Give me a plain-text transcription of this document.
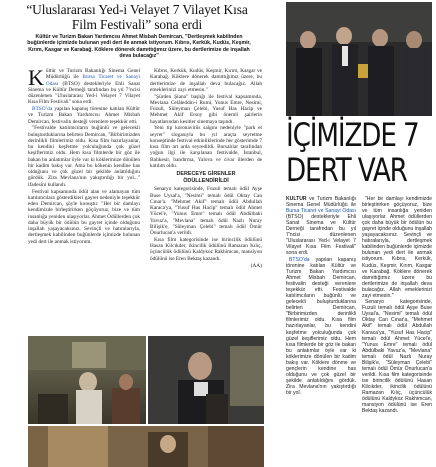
“Uluslararası Yed-i Velayet 7 Vilayet Kısa Film Festivali” sona erdi
Kültür ve Turizm Bakan Yardımcısı Ahmet Misbah Demircan, "Dertleşmek kabilinden buğünlerde içimizde bulunan yedi dert ile anmak istiyorum. Kıbrıs, Kerkük, Kudüs, Keşmir, Kırım, Kasgar ve Karabağ. Köklere dönerek damıttığımız üzere, bu dertlerimize de inşallah deva bulacağız"

Kültür ve Turizm Bakanlığı Sinema Genel Müdürlüğü ile Bursa Ticaret ve Sanayi Odası (BTSO) destekleriyle Ehli Sanat Sinema ve Kültür Derneği tarafından bu yıl 7’ncisi düzenlenen "Uluslararası Yed-i Velayet 7 Vilayet Kısa Film Festivali" sona erdi.

BTSO’da yapılan kapanış törenine katılan Kültür ve Turizm Bakan Yardımcısı Ahmet Misbah Demircan, festivalin desteği verenlere teşekkür etti.

"Festivalde katılımcıların buğünlü ve gelecekli buluşturduklarına belirten Demircan, "Birbirimizden derinlikli filmlerimiz oldu. Kısa film hazırlayanlar, bu kendini keşfetme yolculuğunda çok güzel keşiflerimiz oldu. Hem kısa filmlerde bir göz ile bakan bu anlatımlar öyle var ki köklerimize dönülen bir kadim bakış var. Ama bu kökenin kendine has olduğunu ve çok güzel bir şekilde anlatıldığını gördük. Zira Mevlana'nın yakıştırdığı bir yol..." ifadesini kullandı.

Festival kapsamında ödül alan ve alamayan tüm katılımcılara gösterdikleri gayret nedeniyle teşekkür eden Demircan, şöyle konuştu: "Her bir damlayı kendimizde birleştirirken göçüyoruz, bize ve tüm insanlığa yeniden ulaşıyorlar. Ahmet Ödüllerden çok daha büyük bir ödülün bu gayret içinde olduğunu inşallah yaşayacaksınız. Sevinçli ve hatıralarıyla, dertleşmek kabilinden buğünlerde içimizde bulunan yedi dert ile anmak istiyorum.

Kıbrıs, Kerkük, Kudüs, Keşmir, Kırım, Kasgar ve Karabağ. Köklere dönerek damıttığımız üzere, bu dertlerimize de inşallah deva bulacağız. Allah emeklerinizi zayi etmesin."

"Şürden Şiana" başlığı ile festival kapsamında, Mevlana Celâleddin-i Rumi, Yunus Emre, Nesimi, Fuzuli, Süleyman Çelebi, Yusuf Has Hacip ve Mehmet Akif Ersoy gibi önemli şairlerin hayatlarından kesitler sinemaya taşındı.

Yeni tip koronavirüs salgını nedeniyle "park et seyret" sloganıyla bu yıl araçta seyretme konseptinde festival etkinliklerinde her gösterimde 7 kısa film art arda seyredildi. Bursalılar tarafından yoğun ilgi ile karşılanan festivalde, İstanbul, Balıkesir, bandırma, Yalova ve civar illerden de katılım oldu.

DERECEYE GİRENLER
ÖDÜLLENDİRİLDİ

Senaryo kategorisinde, Fuzuli temalı ödül Ayşe Buse Uysal'a, "Nesimi" temalı ödül Oktay Can Cınar'a. "Mehmet Akif" temalı ödül Abdullah Karaca'ya, "Yusuf Has Hacip" temalı ödül Ahmet Yücel'e, "Yunus Emre" temalı ödül Abdülbaki Yavuz'a, "Mevlana" temalı ödül Nazlı Nuray Bilişik'e, "Süleyman Çelebi" temalı ödül Ömür Önurlucan'a verildi.

Kısa film kategorisinde ise birincilik ödülünü Hasan Kilcıkder, ikincilik ödülünü Ramazan Kılıç, üçüncülük ödülünü Kaldykoz Rakhimcan, mansiyon ödülünü ise Eren Bektaş kazandı.

(AA)
İÇİMİZDE 7
DERT VAR

KÜLTÜR ve Turizm Bakanlığı Sinema Genel Müdürlüğü ile Bursa Ticaret ve Sanayi Odası (BTSO) destekleriyle Ehli Sanat Sinema ve Kültür Derneği tarafından bu yıl 7'ncisi düzenlenen "Uluslararası Yed-i Velayet 7 Vilayet Kısa Film Festivali" sona erdi.

BTSO'da yapılan kapanış törenine katılan Kültür ve Turizm Bakan Yardımcısı Ahmet Misbah Demircan, festivalin desteği verenlere teşekkür etti. Festivalde katılımcıların buğünlü ve gelecekli buluşturduklarına belirten Demircan, "Birbirimizden derinlikli filmlerimiz oldu. Kısa film hazırlayanlar, bu kendini keşfetme yolculuğunda çok güzel keşiflerimiz oldu. Hem kısa filmlerde bir göz ile bakan bu anlatımlar öyle var ki köklerimize dönülen bir kadim bakış var. Köklere dönme ve gençlerin kendine has olduğunu ve çok güzel bir şekilde anlatıldığını gördük. Zira Mevlana'nın yakıştırdığı bir yol.

"Her bir damlayı kendimizde birleştirirken göçüyoruz, bize ve tüm insanlığa yeniden ulaşıyorlar. Ahmet ödüllerden çok daha büyük bir ödülün bu gayret içinde olduğunu inşallah yaşayacaksınız. Sevinçli ve hatıralarıyla, dertleşmek kabilinden buğünlerde içimizde bulunan yedi dert ile anmak istiyorum. Kıbrıs, Kerkük, Kudüs, Keşmir, Kırım, Kasgar ve Karabağ. Köklere dönerek damıttığımız üzere bu dertlerimize de inşallah deva bulacağız. Allah emeklerinizi zayi etmesin."

Senaryo kategorisinde, Fuzuli temalı ödül Ayşe Buse Uysal'a, "Nesimi" temalı ödül Oktay Can Cınar'a, "Mehmet Akif" temalı ödül Abdullah Karaca'ya, "Yusuf Has Hacip" temalı ödül Ahmet Yücel'e, "Yunus Emre" temalı ödül Abdülbaki Yavuz'a, "Mevlana" temalı ödül Nazlı Nuray Bilişik'e, "Süleyman Çelebi" temalı ödül Ömür Önurlucan'a verildi. Kısa film kategorisinde ise birincilik ödülünü Hasan Kilcıkder, ikincilik ödülünü Ramazan Kılıç, üçüncülük ödülünü Kaldykoz Rakhimcan, mansiyon ödülünü ise Eren Bektaş kazandı.
